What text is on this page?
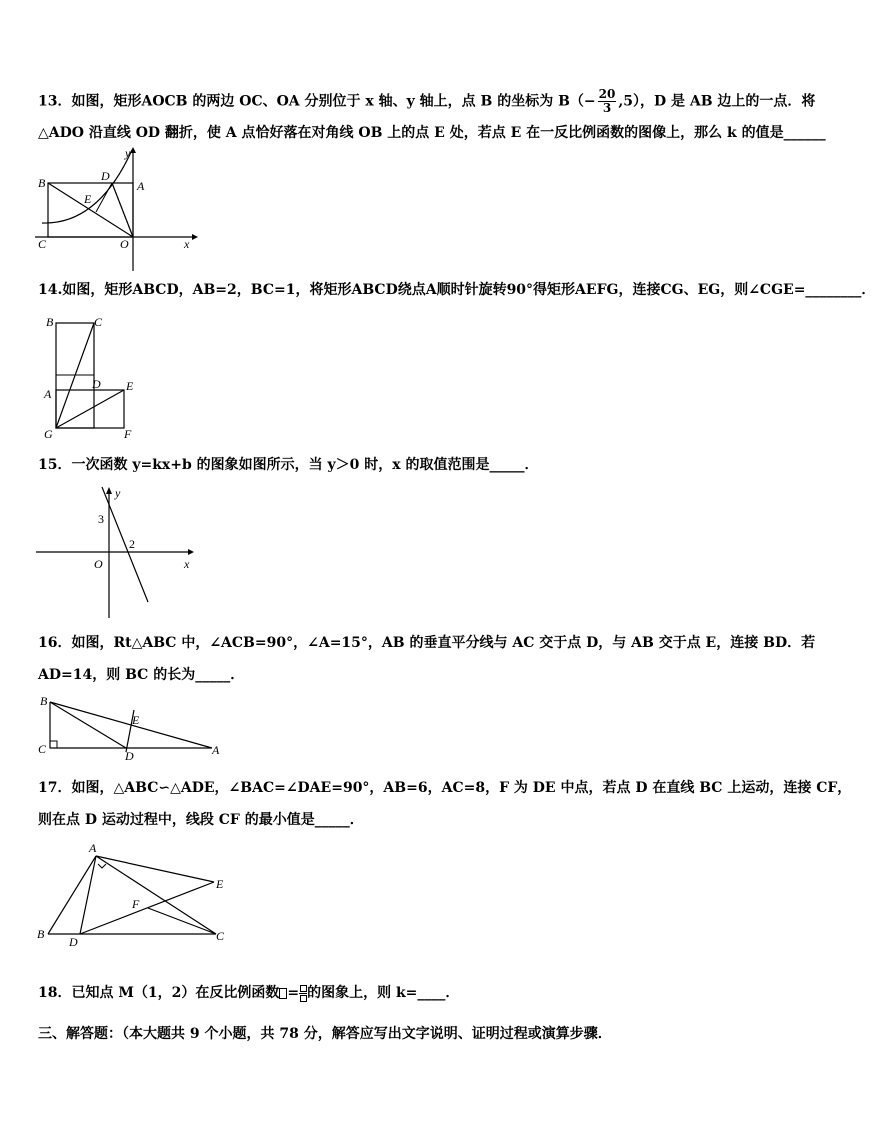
13．如图，矩形AOCB 的两边 OC、OA 分别位于 x 轴、y 轴上，点 B 的坐标为 $B(- \frac{20}{3} ,5)$，D 是 AB 边上的一点．将
△ADO 沿直线 OD 翻折，使 A 点恰好落在对角线 OB 上的点 E 处，若点 E 在一反比例函数的图像上，那么 k 的值是______
B	A
C	O
D
E
x
y
14.如图，矩形ABCD，AB=2，BC=1，将矩形ABCD绕点A顺时针旋转90°得矩形AEFG，连接CG、EG，则∠CGE=________．
B	C
A
D E
G	F
15．一次函数 y=kx+b 的图象如图所示，当 y＞0 时，x 的取值范围是_____．
y
3
2
O	x
16．如图，Rt△ABC 中，∠ACB=90°，∠A=15°，AB 的垂直平分线与 AC 交于点 D，与 AB 交于点 E，连接 BD．若
AD=14，则 BC 的长为_____．
B
E
C	D	A
17．如图，△ABC∽△ADE，∠BAC=∠DAE=90°，AB=6，AC=8，F 为 DE 中点，若点 D 在直线 BC 上运动，连接 CF，
则在点 D 运动过程中，线段 CF 的最小值是_____．
A
E
F
B
D	C
18．已知点 M（1，2）在反比例函数 = 的图象上，则 k=____．
三、解答题：（本大题共 9 个小题，共 78 分，解答应写出文字说明、证明过程或演算步骤．
